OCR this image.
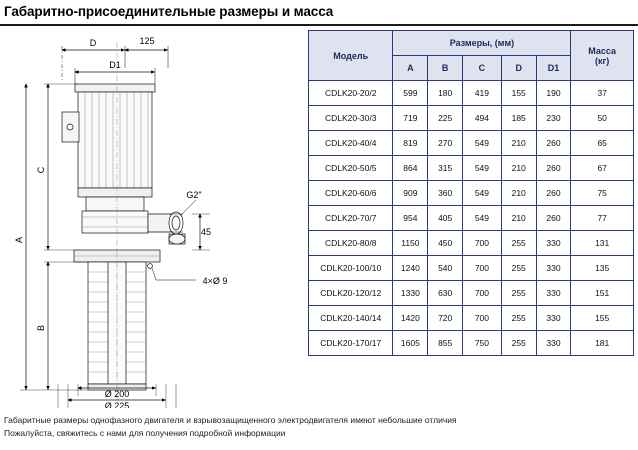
Габаритно-присоединительные размеры и масса
D	125
D1
G2"
45
4×Ø 9
Ø 200
Ø 225
C
A
B
Модель	Размеры, (мм)					Масса
(кг)

	A	B	C	D	D1	
CDLK20-20/2	599	180	419	155	190	37
CDLK20-30/3	719	225	494	185	230	50
CDLK20-40/4	819	270	549	210	260	65
CDLK20-50/5	864	315	549	210	260	67
CDLK20-60/6	909	360	549	210	260	75
CDLK20-70/7	954	405	549	210	260	77
CDLK20-80/8	1150	450	700	255	330	131
CDLK20-100/10	1240	540	700	255	330	135
CDLK20-120/12	1330	630	700	255	330	151
CDLK20-140/14	1420	720	700	255	330	155
CDLK20-170/17	1605	855	750	255	330	181
Габаритные размеры однофазного двигателя и взрывозащищенного электродвигателя имеют небольшие отличия
Пожалуйста, свяжитесь с нами для получения подробной информации
